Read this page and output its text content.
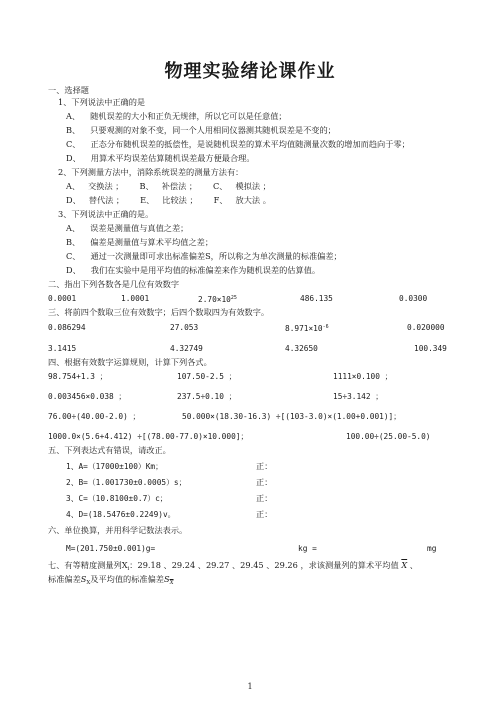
物理实验绪论课作业
一、选择题
1、下列说法中正确的是
A、 随机误差的大小和正负无规律，所以它可以是任意值；
B、 只要观测的对象不变，同一个人用相同仪器测其随机误差是不变的；
C、 正态分布随机误差的抵偿性，是说随机误差的算术平均值随测量次数的增加而趋向于零；
D、 用算术平均误差估算随机误差最方便最合理。
2、下列测量方法中，消除系统误差的测量方法有：
A、 交换法 ； B、 补偿法 ； C、 模拟法 ；
D、 替代法 ； E、 比较法 ； F、 放大法 。
3、下列说法中正确的是。
A、 误差是测量值与真值之差；
B、 偏差是测量值与算术平均值之差；
C、 通过一次测量即可求出标准偏差S，所以称之为单次测量的标准偏差；
D、 我们在实验中是用平均值的标准偏差来作为随机误差的估算值。
二、指出下列各数各是几位有效数字
0.0001	1.0001	$2.70\times 10^{25}$	486.135	0.0300
三、将前四个数取三位有效数字；后四个数取四为有效数字。
0.086294	27.053	$8.971\times 10^{-6}$	0.020000
3.1415	4.32749	4.32650	100.349
四、根据有效数字运算规则，计算下列各式。
98.754+1.3 ；	107.50-2.5 ；	1111×0.100 ；
0.003456×0.038 ；	237.5÷0.10 ；	15÷3.142 ；
76.00÷(40.00-2.0) ；	50.000×(18.30-16.3) ÷[(103-3.0)×(1.00+0.001)]；
1000.0×(5.6+4.412) ÷[(78.00-77.0)×10.000]；	100.00÷(25.00-5.0)
五、下列表达式有错误，请改正。
1、A=（17000±100）Km；	正：
2、B=（1.001730±0.0005）s；	正：
3、C=（10.8100±0.7）c；	正：
4、D=(18.5476±0.2249)v。	正：
六、单位换算，并用科学记数法表示。
M=(201.750±0.001)g=	kg =	mg
七、有等精度测量列$X_i$：29.18 、29.24 、29.27 、29.45 、29.26 ，求该测量列的算术平均值 $\overline{X}$ 、
标准偏差$S_X$及平均值的标准偏差$S_{\overline{X}}$
1
